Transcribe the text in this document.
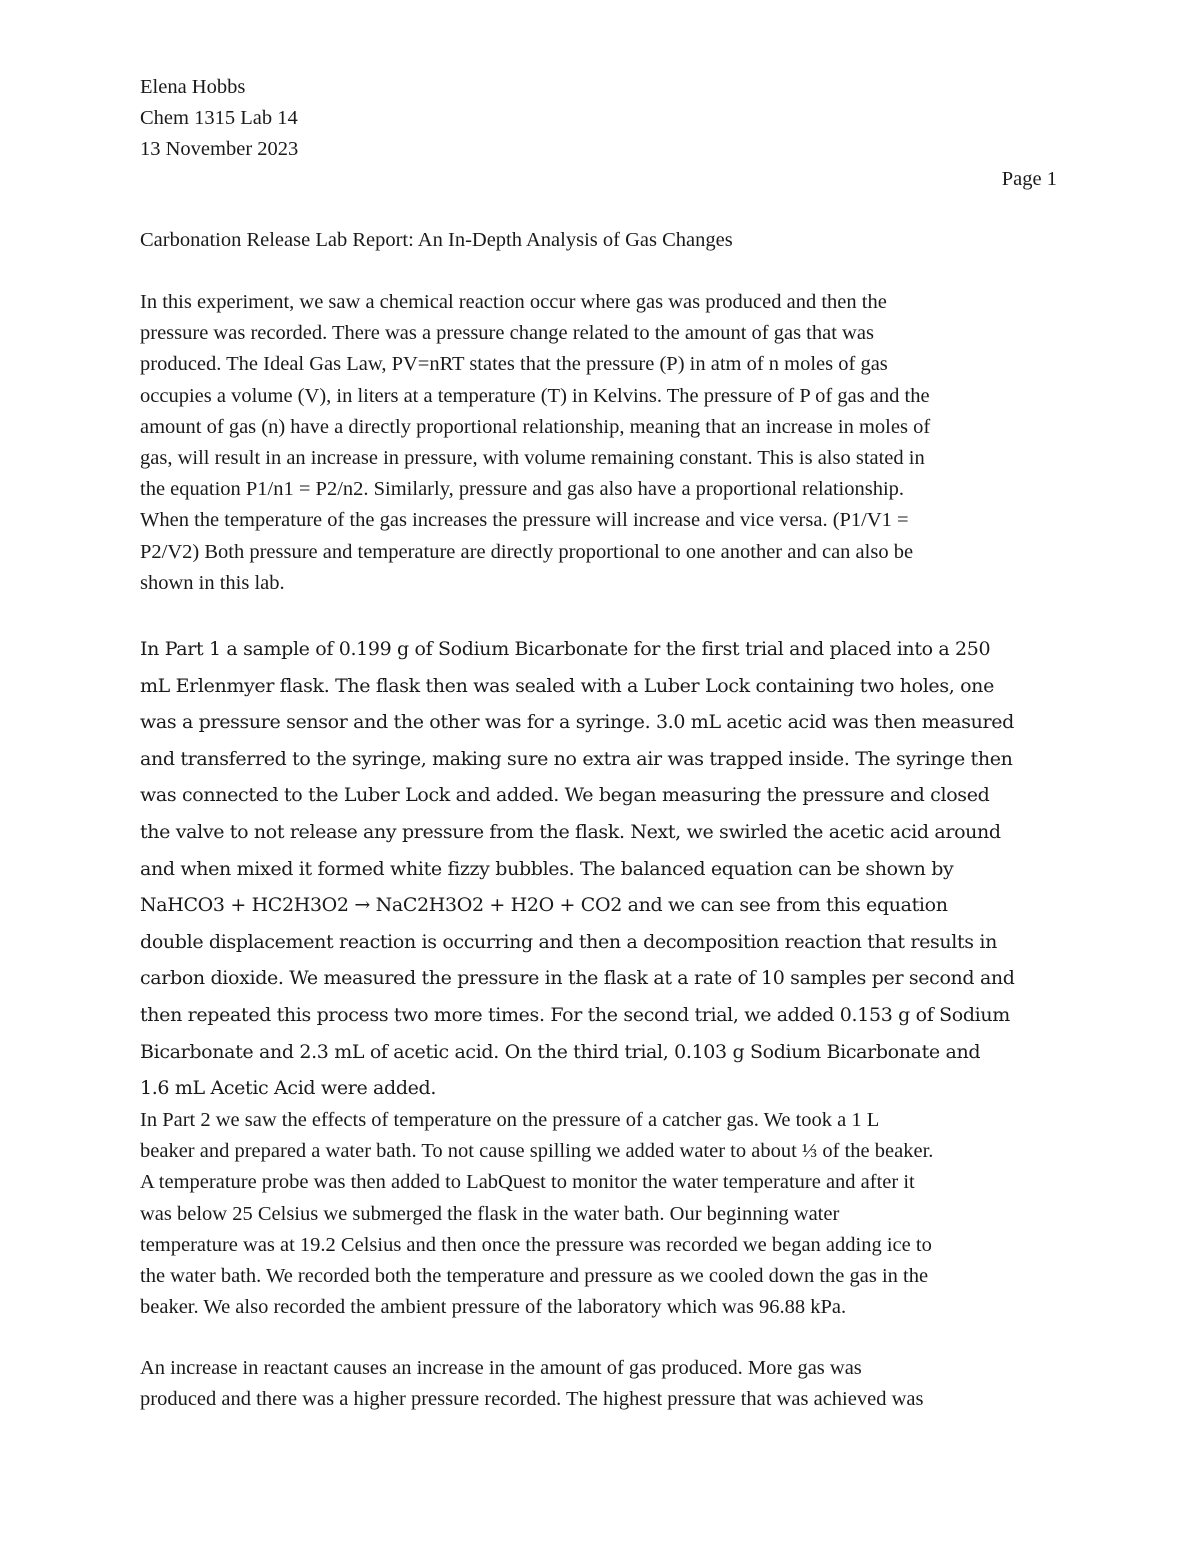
Elena Hobbs
Chem 1315 Lab 14
13 November 2023
Page 1
Carbonation Release Lab Report: An In-Depth Analysis of Gas Changes

In this experiment, we saw a chemical reaction occur where gas was produced and then the
pressure was recorded. There was a pressure change related to the amount of gas that was
produced. The Ideal Gas Law, PV=nRT states that the pressure (P) in atm of n moles of gas
occupies a volume (V), in liters at a temperature (T) in Kelvins. The pressure of P of gas and the
amount of gas (n) have a directly proportional relationship, meaning that an increase in moles of
gas, will result in an increase in pressure, with volume remaining constant. This is also stated in
the equation P1/n1 = P2/n2. Similarly, pressure and gas also have a proportional relationship.
When the temperature of the gas increases the pressure will increase and vice versa. (P1/V1 =
P2/V2) Both pressure and temperature are directly proportional to one another and can also be
shown in this lab.

In Part 1 a sample of 0.199 g of Sodium Bicarbonate for the first trial and placed into a 250
mL Erlenmyer flask. The flask then was sealed with a Luber Lock containing two holes, one
was a pressure sensor and the other was for a syringe. 3.0 mL acetic acid was then measured
and transferred to the syringe, making sure no extra air was trapped inside. The syringe then
was connected to the Luber Lock and added. We began measuring the pressure and closed
the valve to not release any pressure from the flask. Next, we swirled the acetic acid around
and when mixed it formed white fizzy bubbles. The balanced equation can be shown by
NaHCO3 + HC2H3O2 → NaC2H3O2 + H2O + CO2 and we can see from this equation
double displacement reaction is occurring and then a decomposition reaction that results in
carbon dioxide. We measured the pressure in the flask at a rate of 10 samples per second and
then repeated this process two more times. For the second trial, we added 0.153 g of Sodium
Bicarbonate and 2.3 mL of acetic acid. On the third trial, 0.103 g Sodium Bicarbonate and
1.6 mL Acetic Acid were added.

In Part 2 we saw the effects of temperature on the pressure of a catcher gas. We took a 1 L
beaker and prepared a water bath. To not cause spilling we added water to about ⅓ of the beaker.
A temperature probe was then added to LabQuest to monitor the water temperature and after it
was below 25 Celsius we submerged the flask in the water bath. Our beginning water
temperature was at 19.2 Celsius and then once the pressure was recorded we began adding ice to
the water bath. We recorded both the temperature and pressure as we cooled down the gas in the
beaker. We also recorded the ambient pressure of the laboratory which was 96.88 kPa.

An increase in reactant causes an increase in the amount of gas produced. More gas was
produced and there was a higher pressure recorded. The highest pressure that was achieved was
